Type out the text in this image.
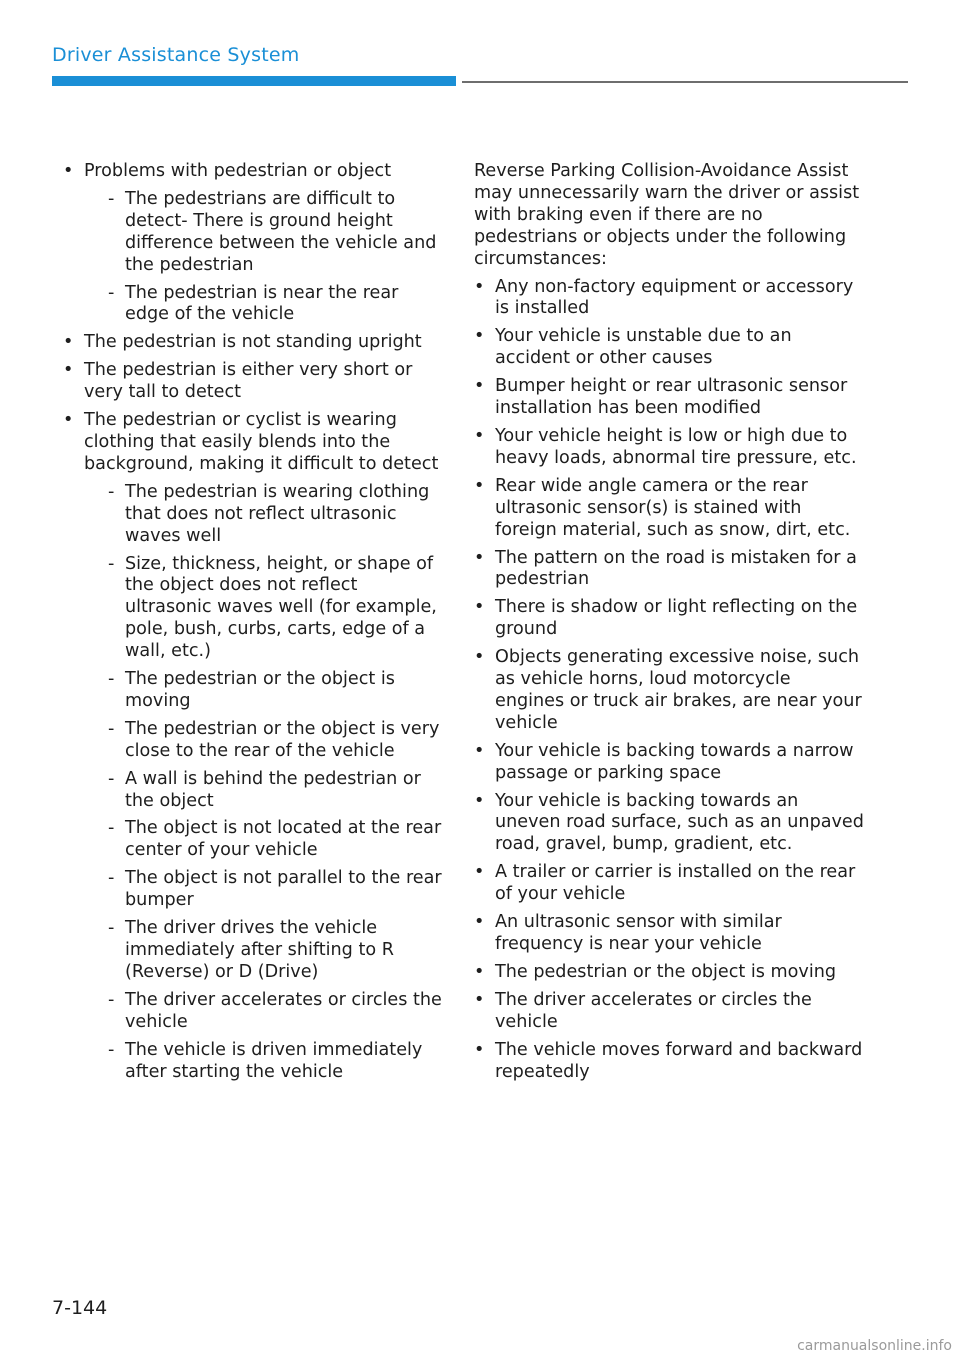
Driver Assistance System
• Problems with pedestrian or object
- The pedestrians are difficult to detect- There is ground height difference between the vehicle and the pedestrian
- The pedestrian is near the rear edge of the vehicle
• The pedestrian is not standing upright
• The pedestrian is either very short or very tall to detect
• The pedestrian or cyclist is wearing clothing that easily blends into the background, making it difficult to detect
- The pedestrian is wearing clothing that does not reflect ultrasonic waves well
- Size, thickness, height, or shape of the object does not reflect ultrasonic waves well (for example, pole, bush, curbs, carts, edge of a wall, etc.)
- The pedestrian or the object is moving
- The pedestrian or the object is very close to the rear of the vehicle
- A wall is behind the pedestrian or the object
- The object is not located at the rear center of your vehicle
- The object is not parallel to the rear bumper
- The driver drives the vehicle immediately after shifting to R (Reverse) or D (Drive)
- The driver accelerates or circles the vehicle
- The vehicle is driven immediately after starting the vehicle

Reverse Parking Collision-Avoidance Assist may unnecessarily warn the driver or assist with braking even if there are no pedestrians or objects under the following circumstances:

• Any non-factory equipment or accessory is installed
• Your vehicle is unstable due to an accident or other causes
• Bumper height or rear ultrasonic sensor installation has been modified
• Your vehicle height is low or high due to heavy loads, abnormal tire pressure, etc.
• Rear wide angle camera or the rear ultrasonic sensor(s) is stained with foreign material, such as snow, dirt, etc.
• The pattern on the road is mistaken for a pedestrian
• There is shadow or light reflecting on the ground
• Objects generating excessive noise, such as vehicle horns, loud motorcycle engines or truck air brakes, are near your vehicle
• Your vehicle is backing towards a narrow passage or parking space
• Your vehicle is backing towards an uneven road surface, such as an unpaved road, gravel, bump, gradient, etc.
• A trailer or carrier is installed on the rear of your vehicle
• An ultrasonic sensor with similar frequency is near your vehicle
• The pedestrian or the object is moving
• The driver accelerates or circles the vehicle
• The vehicle moves forward and backward repeatedly
7-144
carmanualsonline.info
